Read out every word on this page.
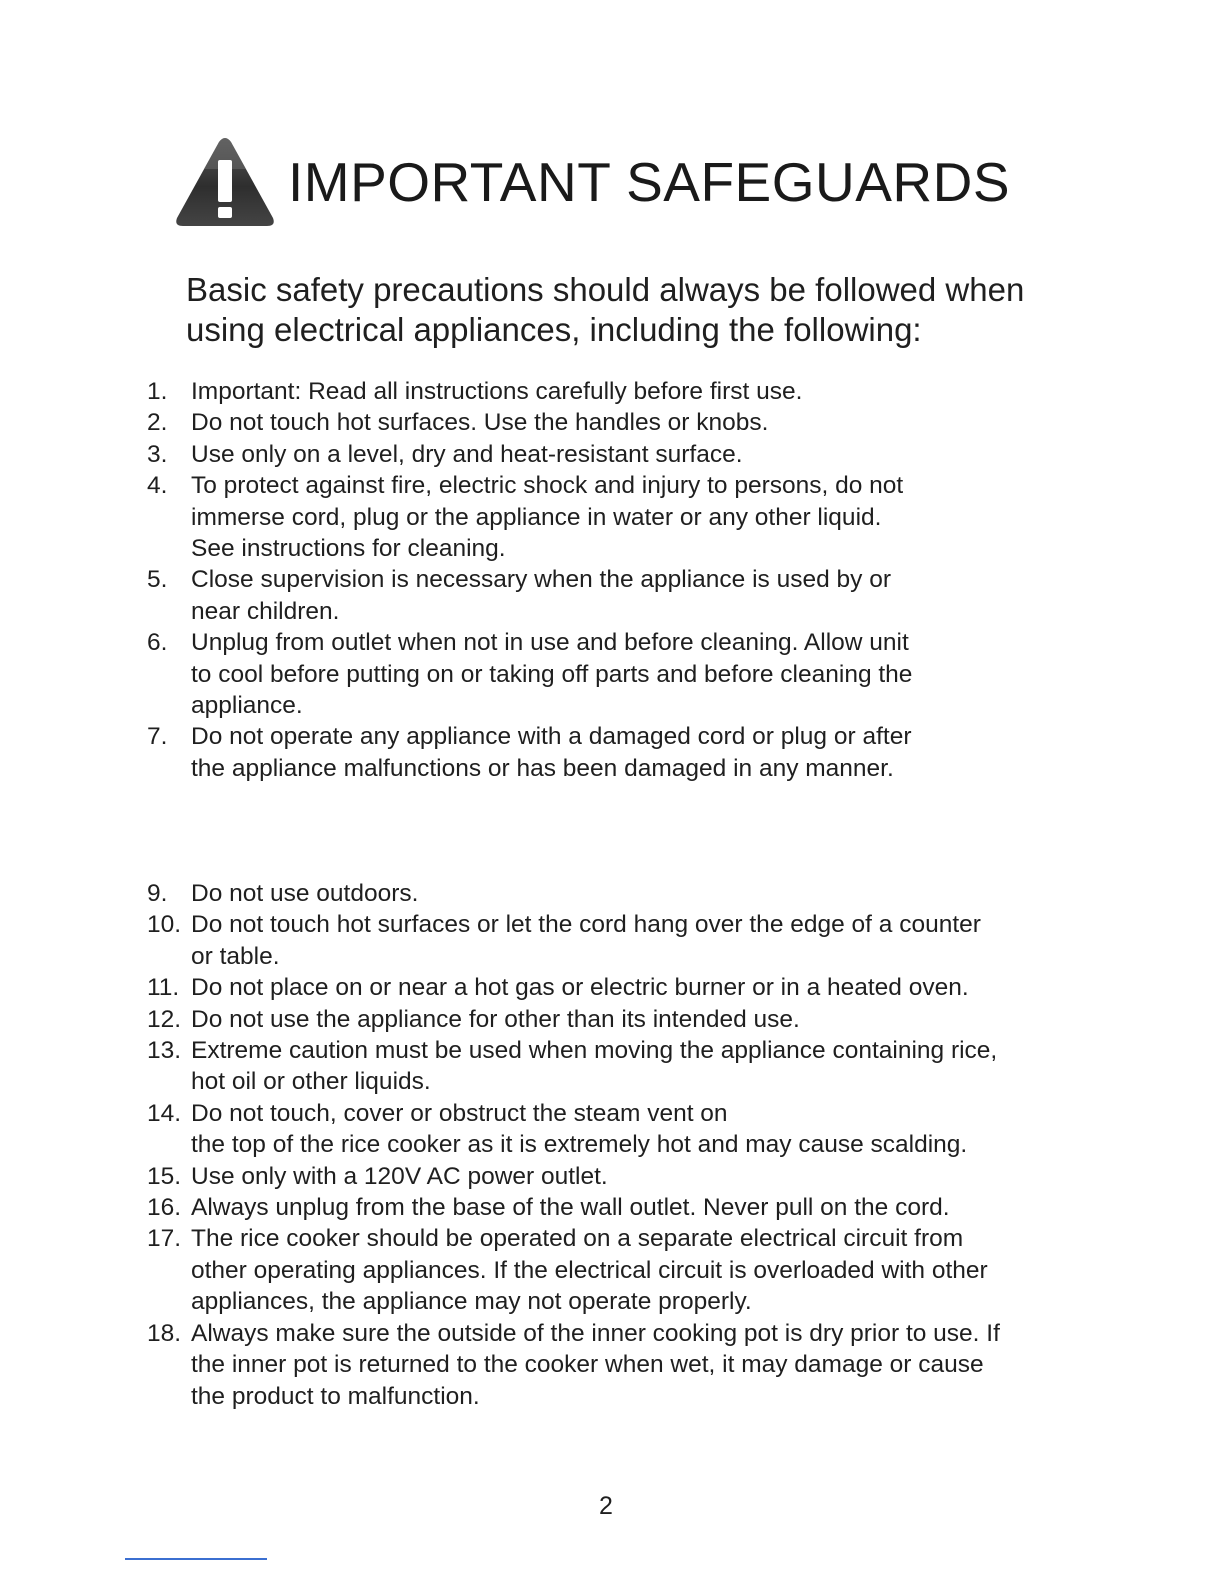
IMPORTANT SAFEGUARDS
Basic safety precautions should always be followed when
using electrical appliances, including the following:
1. Important: Read all instructions carefully before first use.
2. Do not touch hot surfaces. Use the handles or knobs.
3. Use only on a level, dry and heat-resistant surface.
4. To protect against fire, electric shock and injury to persons, do not
immerse cord, plug or the appliance in water or any other liquid.
See instructions for cleaning.
5. Close supervision is necessary when the appliance is used by or
near children.
6. Unplug from outlet when not in use and before cleaning. Allow unit
to cool before putting on or taking off parts and before cleaning the
appliance.
7. Do not operate any appliance with a damaged cord or plug or after
the appliance malfunctions or has been damaged in any manner.
9. Do not use outdoors.
10. Do not touch hot surfaces or let the cord hang over the edge of a counter
or table.
11. Do not place on or near a hot gas or electric burner or in a heated oven.
12. Do not use the appliance for other than its intended use.
13. Extreme caution must be used when moving the appliance containing rice,
hot oil or other liquids.
14. Do not touch, cover or obstruct the steam vent on
the top of the rice cooker as it is extremely hot and may cause scalding.
15. Use only with a 120V AC power outlet.
16. Always unplug from the base of the wall outlet. Never pull on the cord.
17. The rice cooker should be operated on a separate electrical circuit from
other operating appliances. If the electrical circuit is overloaded with other
appliances, the appliance may not operate properly.
18. Always make sure the outside of the inner cooking pot is dry prior to use. If
the inner pot is returned to the cooker when wet, it may damage or cause
the product to malfunction.
2
